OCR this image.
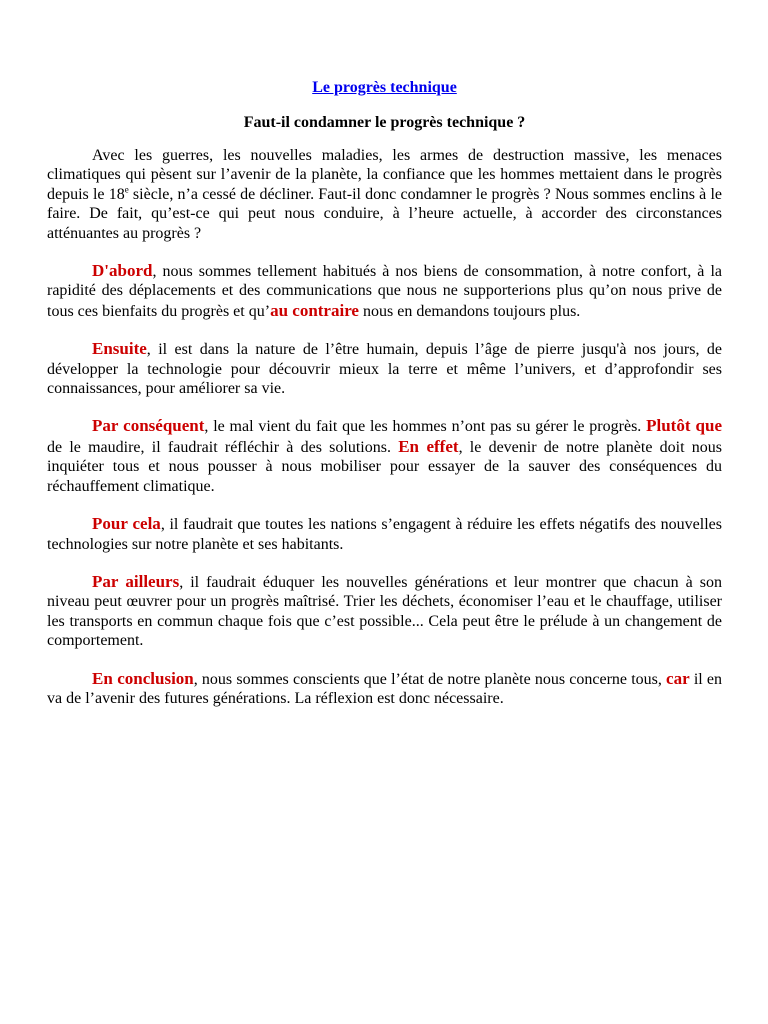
Le progrès technique
Faut-il condamner le progrès technique ?

Avec les guerres, les nouvelles maladies, les armes de destruction massive, les menaces climatiques qui pèsent sur l’avenir de la planète, la confiance que les hommes mettaient dans le progrès depuis le 18e siècle, n’a cessé de décliner. Faut-il donc condamner le progrès ? Nous sommes enclins à le faire. De fait, qu’est-ce qui peut nous conduire, à l’heure actuelle, à accorder des circonstances atténuantes au progrès ?

D'abord, nous sommes tellement habitués à nos biens de consommation, à notre confort, à la rapidité des déplacements et des communications que nous ne supporterions plus qu’on nous prive de tous ces bienfaits du progrès et qu’au contraire nous en demandons toujours plus.

Ensuite, il est dans la nature de l’être humain, depuis l’âge de pierre jusqu'à nos jours, de développer la technologie pour découvrir mieux la terre et même l’univers, et d’approfondir ses connaissances, pour améliorer sa vie.

Par conséquent, le mal vient du fait que les hommes n’ont pas su gérer le progrès. Plutôt que de le maudire, il faudrait réfléchir à des solutions. En effet, le devenir de notre planète doit nous inquiéter tous et nous pousser à nous mobiliser pour essayer de la sauver des conséquences du réchauffement climatique.

Pour cela, il faudrait que toutes les nations s’engagent à réduire les effets négatifs des nouvelles technologies sur notre planète et ses habitants.

Par ailleurs, il faudrait éduquer les nouvelles générations et leur montrer que chacun à son niveau peut œuvrer pour un progrès maîtrisé. Trier les déchets, économiser l’eau et le chauffage, utiliser les transports en commun chaque fois que c’est possible... Cela peut être le prélude à un changement de comportement.

En conclusion, nous sommes conscients que l’état de notre planète nous concerne tous, car il en va de l’avenir des futures générations. La réflexion est donc nécessaire.
